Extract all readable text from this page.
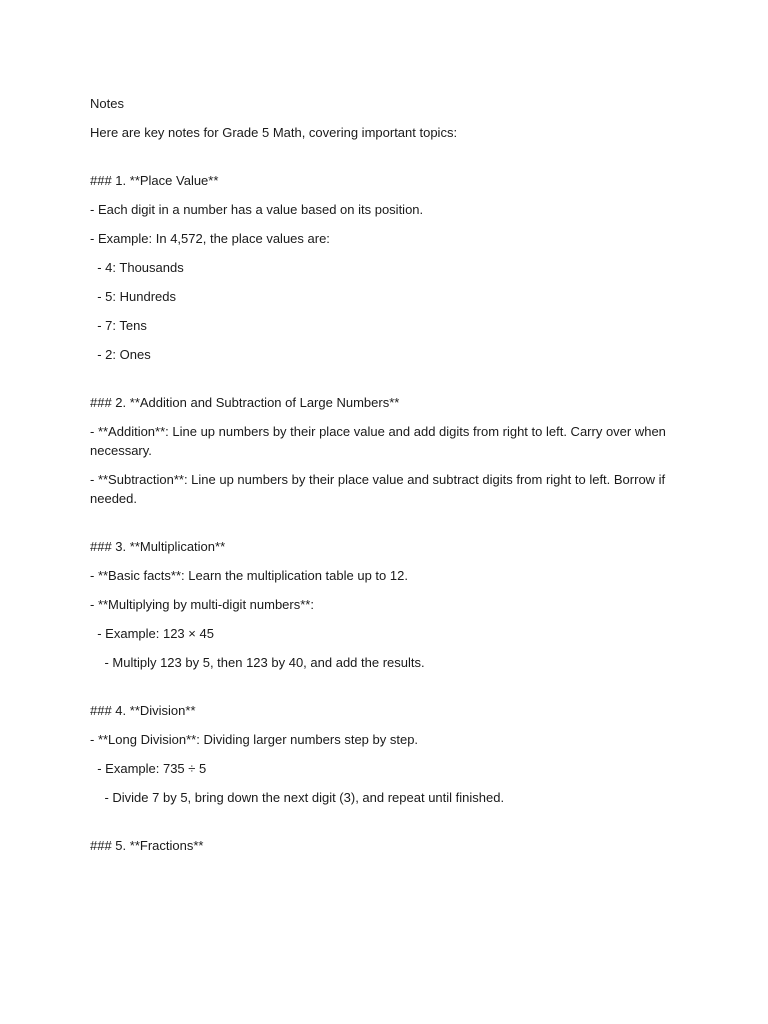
Notes

Here are key notes for Grade 5 Math, covering important topics:

### 1. **Place Value**

- Each digit in a number has a value based on its position.

- Example: In 4,572, the place values are:

- 4: Thousands

- 5: Hundreds

- 7: Tens

- 2: Ones

### 2. **Addition and Subtraction of Large Numbers**

- **Addition**: Line up numbers by their place value and add digits from right to left. Carry over when necessary.

- **Subtraction**: Line up numbers by their place value and subtract digits from right to left. Borrow if needed.

### 3. **Multiplication**

- **Basic facts**: Learn the multiplication table up to 12.

- **Multiplying by multi-digit numbers**:

- Example: 123 × 45

- Multiply 123 by 5, then 123 by 40, and add the results.

### 4. **Division**

- **Long Division**: Dividing larger numbers step by step.

- Example: 735 ÷ 5

- Divide 7 by 5, bring down the next digit (3), and repeat until finished.

### 5. **Fractions**
